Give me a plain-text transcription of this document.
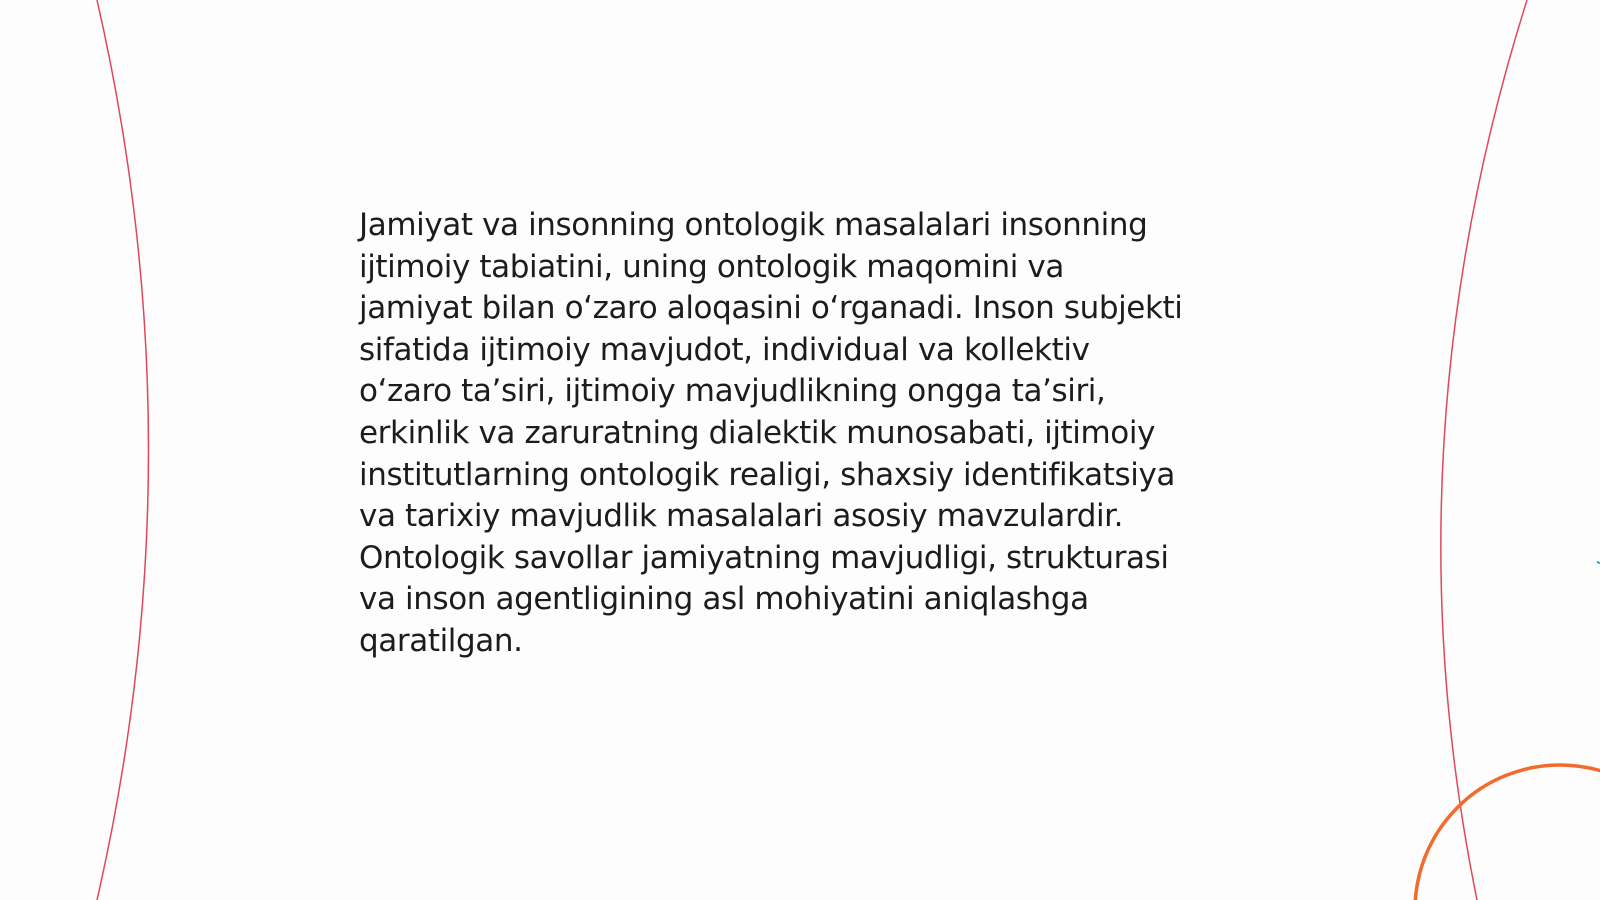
Jamiyat va insonning ontologik masalalari insonning
ijtimoiy tabiatini, uning ontologik maqomini va
jamiyat bilan o‘zaro aloqasini o‘rganadi. Inson subjekti
sifatida ijtimoiy mavjudot, individual va kollektiv
o‘zaro ta’siri, ijtimoiy mavjudlikning ongga ta’siri,
erkinlik va zaruratning dialektik munosabati, ijtimoiy
institutlarning ontologik realigi, shaxsiy identifikatsiya
va tarixiy mavjudlik masalalari asosiy mavzulardir.
Ontologik savollar jamiyatning mavjudligi, strukturasi
va inson agentligining asl mohiyatini aniqlashga
qaratilgan.
